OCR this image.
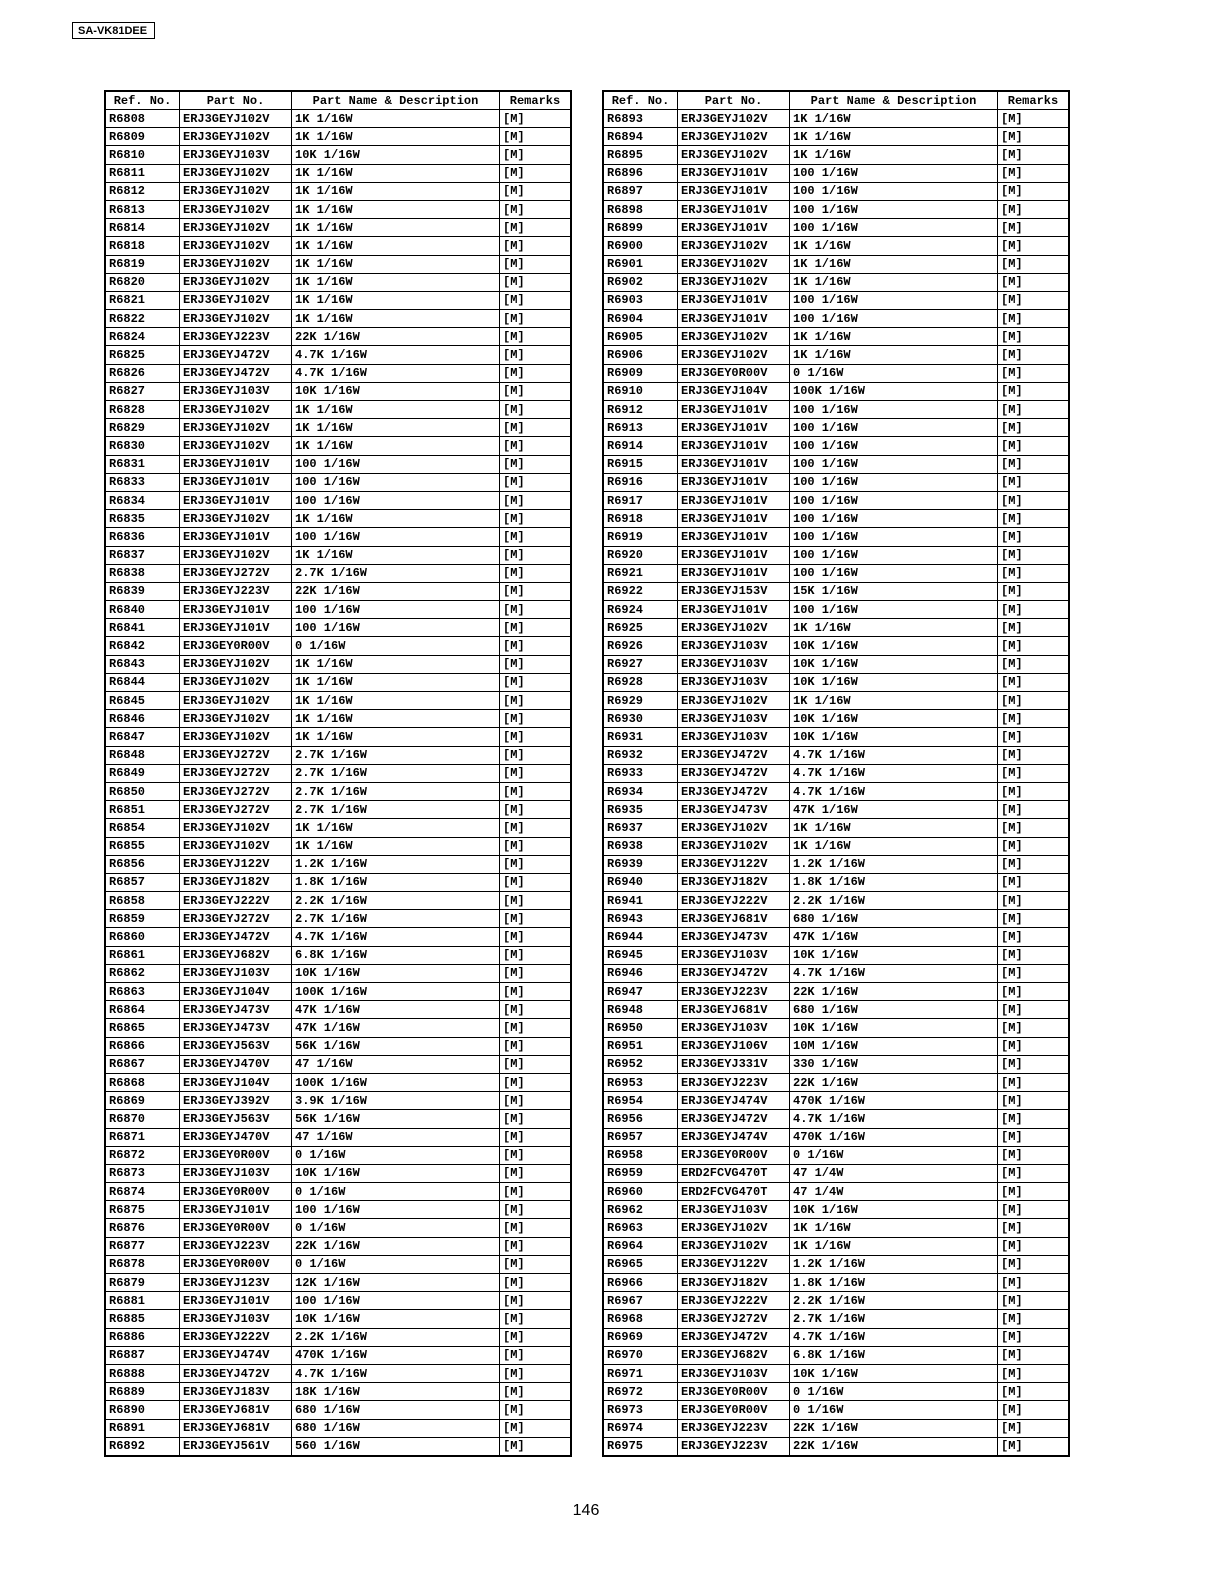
SA-VK81DEE
Ref. No.	Part No.	Part Name & Description	Remarks
R6808	ERJ3GEYJ102V	1K 1/16W	[M]
R6809	ERJ3GEYJ102V	1K 1/16W	[M]
R6810	ERJ3GEYJ103V	10K 1/16W	[M]
R6811	ERJ3GEYJ102V	1K 1/16W	[M]
R6812	ERJ3GEYJ102V	1K 1/16W	[M]
R6813	ERJ3GEYJ102V	1K 1/16W	[M]
R6814	ERJ3GEYJ102V	1K 1/16W	[M]
R6818	ERJ3GEYJ102V	1K 1/16W	[M]
R6819	ERJ3GEYJ102V	1K 1/16W	[M]
R6820	ERJ3GEYJ102V	1K 1/16W	[M]
R6821	ERJ3GEYJ102V	1K 1/16W	[M]
R6822	ERJ3GEYJ102V	1K 1/16W	[M]
R6824	ERJ3GEYJ223V	22K 1/16W	[M]
R6825	ERJ3GEYJ472V	4.7K 1/16W	[M]
R6826	ERJ3GEYJ472V	4.7K 1/16W	[M]
R6827	ERJ3GEYJ103V	10K 1/16W	[M]
R6828	ERJ3GEYJ102V	1K 1/16W	[M]
R6829	ERJ3GEYJ102V	1K 1/16W	[M]
R6830	ERJ3GEYJ102V	1K 1/16W	[M]
R6831	ERJ3GEYJ101V	100 1/16W	[M]
R6833	ERJ3GEYJ101V	100 1/16W	[M]
R6834	ERJ3GEYJ101V	100 1/16W	[M]
R6835	ERJ3GEYJ102V	1K 1/16W	[M]
R6836	ERJ3GEYJ101V	100 1/16W	[M]
R6837	ERJ3GEYJ102V	1K 1/16W	[M]
R6838	ERJ3GEYJ272V	2.7K 1/16W	[M]
R6839	ERJ3GEYJ223V	22K 1/16W	[M]
R6840	ERJ3GEYJ101V	100 1/16W	[M]
R6841	ERJ3GEYJ101V	100 1/16W	[M]
R6842	ERJ3GEY0R00V	0 1/16W	[M]
R6843	ERJ3GEYJ102V	1K 1/16W	[M]
R6844	ERJ3GEYJ102V	1K 1/16W	[M]
R6845	ERJ3GEYJ102V	1K 1/16W	[M]
R6846	ERJ3GEYJ102V	1K 1/16W	[M]
R6847	ERJ3GEYJ102V	1K 1/16W	[M]
R6848	ERJ3GEYJ272V	2.7K 1/16W	[M]
R6849	ERJ3GEYJ272V	2.7K 1/16W	[M]
R6850	ERJ3GEYJ272V	2.7K 1/16W	[M]
R6851	ERJ3GEYJ272V	2.7K 1/16W	[M]
R6854	ERJ3GEYJ102V	1K 1/16W	[M]
R6855	ERJ3GEYJ102V	1K 1/16W	[M]
R6856	ERJ3GEYJ122V	1.2K 1/16W	[M]
R6857	ERJ3GEYJ182V	1.8K 1/16W	[M]
R6858	ERJ3GEYJ222V	2.2K 1/16W	[M]
R6859	ERJ3GEYJ272V	2.7K 1/16W	[M]
R6860	ERJ3GEYJ472V	4.7K 1/16W	[M]
R6861	ERJ3GEYJ682V	6.8K 1/16W	[M]
R6862	ERJ3GEYJ103V	10K 1/16W	[M]
R6863	ERJ3GEYJ104V	100K 1/16W	[M]
R6864	ERJ3GEYJ473V	47K 1/16W	[M]
R6865	ERJ3GEYJ473V	47K 1/16W	[M]
R6866	ERJ3GEYJ563V	56K 1/16W	[M]
R6867	ERJ3GEYJ470V	47 1/16W	[M]
R6868	ERJ3GEYJ104V	100K 1/16W	[M]
R6869	ERJ3GEYJ392V	3.9K 1/16W	[M]
R6870	ERJ3GEYJ563V	56K 1/16W	[M]
R6871	ERJ3GEYJ470V	47 1/16W	[M]
R6872	ERJ3GEY0R00V	0 1/16W	[M]
R6873	ERJ3GEYJ103V	10K 1/16W	[M]
R6874	ERJ3GEY0R00V	0 1/16W	[M]
R6875	ERJ3GEYJ101V	100 1/16W	[M]
R6876	ERJ3GEY0R00V	0 1/16W	[M]
R6877	ERJ3GEYJ223V	22K 1/16W	[M]
R6878	ERJ3GEY0R00V	0 1/16W	[M]
R6879	ERJ3GEYJ123V	12K 1/16W	[M]
R6881	ERJ3GEYJ101V	100 1/16W	[M]
R6885	ERJ3GEYJ103V	10K 1/16W	[M]
R6886	ERJ3GEYJ222V	2.2K 1/16W	[M]
R6887	ERJ3GEYJ474V	470K 1/16W	[M]
R6888	ERJ3GEYJ472V	4.7K 1/16W	[M]
R6889	ERJ3GEYJ183V	18K 1/16W	[M]
R6890	ERJ3GEYJ681V	680 1/16W	[M]
R6891	ERJ3GEYJ681V	680 1/16W	[M]
R6892	ERJ3GEYJ561V	560 1/16W	[M]
Ref. No.	Part No.	Part Name & Description	Remarks
R6893	ERJ3GEYJ102V	1K 1/16W	[M]
R6894	ERJ3GEYJ102V	1K 1/16W	[M]
R6895	ERJ3GEYJ102V	1K 1/16W	[M]
R6896	ERJ3GEYJ101V	100 1/16W	[M]
R6897	ERJ3GEYJ101V	100 1/16W	[M]
R6898	ERJ3GEYJ101V	100 1/16W	[M]
R6899	ERJ3GEYJ101V	100 1/16W	[M]
R6900	ERJ3GEYJ102V	1K 1/16W	[M]
R6901	ERJ3GEYJ102V	1K 1/16W	[M]
R6902	ERJ3GEYJ102V	1K 1/16W	[M]
R6903	ERJ3GEYJ101V	100 1/16W	[M]
R6904	ERJ3GEYJ101V	100 1/16W	[M]
R6905	ERJ3GEYJ102V	1K 1/16W	[M]
R6906	ERJ3GEYJ102V	1K 1/16W	[M]
R6909	ERJ3GEY0R00V	0 1/16W	[M]
R6910	ERJ3GEYJ104V	100K 1/16W	[M]
R6912	ERJ3GEYJ101V	100 1/16W	[M]
R6913	ERJ3GEYJ101V	100 1/16W	[M]
R6914	ERJ3GEYJ101V	100 1/16W	[M]
R6915	ERJ3GEYJ101V	100 1/16W	[M]
R6916	ERJ3GEYJ101V	100 1/16W	[M]
R6917	ERJ3GEYJ101V	100 1/16W	[M]
R6918	ERJ3GEYJ101V	100 1/16W	[M]
R6919	ERJ3GEYJ101V	100 1/16W	[M]
R6920	ERJ3GEYJ101V	100 1/16W	[M]
R6921	ERJ3GEYJ101V	100 1/16W	[M]
R6922	ERJ3GEYJ153V	15K 1/16W	[M]
R6924	ERJ3GEYJ101V	100 1/16W	[M]
R6925	ERJ3GEYJ102V	1K 1/16W	[M]
R6926	ERJ3GEYJ103V	10K 1/16W	[M]
R6927	ERJ3GEYJ103V	10K 1/16W	[M]
R6928	ERJ3GEYJ103V	10K 1/16W	[M]
R6929	ERJ3GEYJ102V	1K 1/16W	[M]
R6930	ERJ3GEYJ103V	10K 1/16W	[M]
R6931	ERJ3GEYJ103V	10K 1/16W	[M]
R6932	ERJ3GEYJ472V	4.7K 1/16W	[M]
R6933	ERJ3GEYJ472V	4.7K 1/16W	[M]
R6934	ERJ3GEYJ472V	4.7K 1/16W	[M]
R6935	ERJ3GEYJ473V	47K 1/16W	[M]
R6937	ERJ3GEYJ102V	1K 1/16W	[M]
R6938	ERJ3GEYJ102V	1K 1/16W	[M]
R6939	ERJ3GEYJ122V	1.2K 1/16W	[M]
R6940	ERJ3GEYJ182V	1.8K 1/16W	[M]
R6941	ERJ3GEYJ222V	2.2K 1/16W	[M]
R6943	ERJ3GEYJ681V	680 1/16W	[M]
R6944	ERJ3GEYJ473V	47K 1/16W	[M]
R6945	ERJ3GEYJ103V	10K 1/16W	[M]
R6946	ERJ3GEYJ472V	4.7K 1/16W	[M]
R6947	ERJ3GEYJ223V	22K 1/16W	[M]
R6948	ERJ3GEYJ681V	680 1/16W	[M]
R6950	ERJ3GEYJ103V	10K 1/16W	[M]
R6951	ERJ3GEYJ106V	10M 1/16W	[M]
R6952	ERJ3GEYJ331V	330 1/16W	[M]
R6953	ERJ3GEYJ223V	22K 1/16W	[M]
R6954	ERJ3GEYJ474V	470K 1/16W	[M]
R6956	ERJ3GEYJ472V	4.7K 1/16W	[M]
R6957	ERJ3GEYJ474V	470K 1/16W	[M]
R6958	ERJ3GEY0R00V	0 1/16W	[M]
R6959	ERD2FCVG470T	47 1/4W	[M]
R6960	ERD2FCVG470T	47 1/4W	[M]
R6962	ERJ3GEYJ103V	10K 1/16W	[M]
R6963	ERJ3GEYJ102V	1K 1/16W	[M]
R6964	ERJ3GEYJ102V	1K 1/16W	[M]
R6965	ERJ3GEYJ122V	1.2K 1/16W	[M]
R6966	ERJ3GEYJ182V	1.8K 1/16W	[M]
R6967	ERJ3GEYJ222V	2.2K 1/16W	[M]
R6968	ERJ3GEYJ272V	2.7K 1/16W	[M]
R6969	ERJ3GEYJ472V	4.7K 1/16W	[M]
R6970	ERJ3GEYJ682V	6.8K 1/16W	[M]
R6971	ERJ3GEYJ103V	10K 1/16W	[M]
R6972	ERJ3GEY0R00V	0 1/16W	[M]
R6973	ERJ3GEY0R00V	0 1/16W	[M]
R6974	ERJ3GEYJ223V	22K 1/16W	[M]
R6975	ERJ3GEYJ223V	22K 1/16W	[M]
146
